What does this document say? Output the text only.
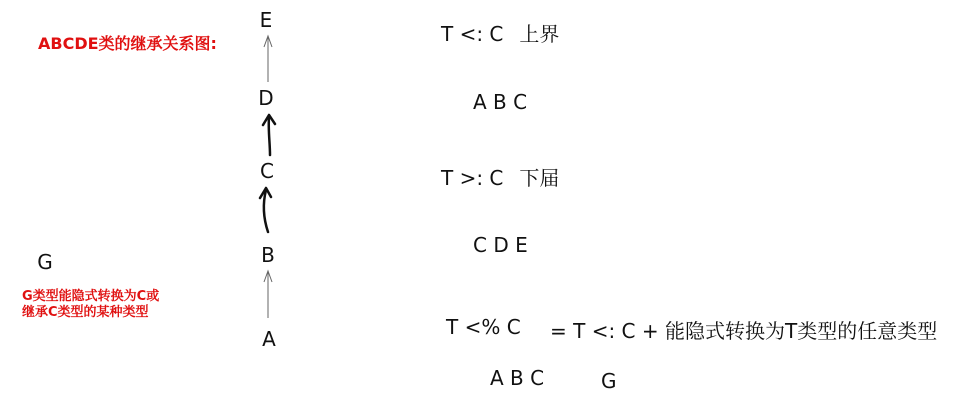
ABCDE类的继承关系图:
E
D
C
B
A
G
G类型能隐式转换为C或
继承C类型的某种类型
T <: C 上界
A B C
T >: C 下届
C D E
T <% C = T <: C + 能隐式转换为T类型的任意类型
A B C	G
